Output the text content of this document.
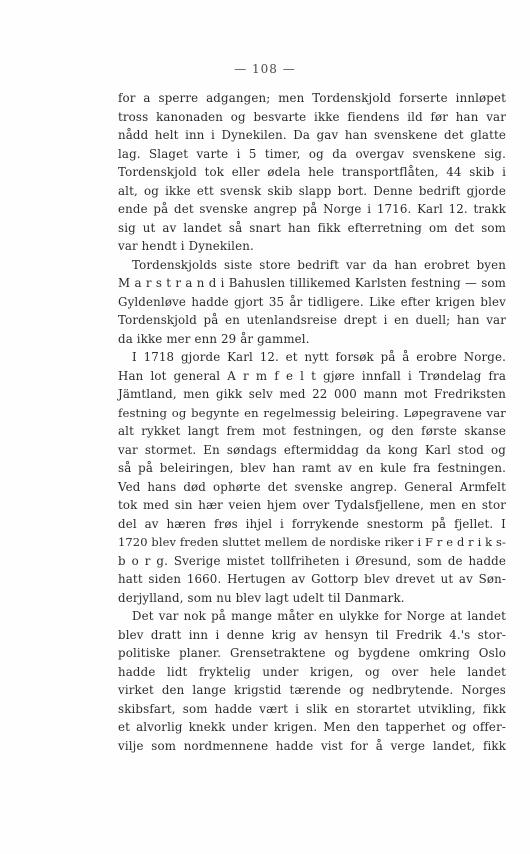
— 108 —
for a sperre adgangen; men Tordenskjold forserte innløpet
tross kanonaden og besvarte ikke fiendens ild før han var
nådd helt inn i Dynekilen. Da gav han svenskene det glatte
lag. Slaget varte i 5 timer, og da overgav svenskene sig.
Tordenskjold tok eller ødela hele transportflåten, 44 skib i
alt, og ikke ett svensk skib slapp bort. Denne bedrift gjorde
ende på det svenske angrep på Norge i 1716. Karl 12. trakk
sig ut av landet så snart han fikk efterretning om det som
var hendt i Dynekilen.
Tordenskjolds siste store bedrift var da han erobret byen
M a r s t r a n d i Bahuslen tillikemed Karlsten festning — som
Gyldenløve hadde gjort 35 år tidligere. Like efter krigen blev
Tordenskjold på en utenlandsreise drept i en duell; han var
da ikke mer enn 29 år gammel.
I 1718 gjorde Karl 12. et nytt forsøk på å erobre Norge.
Han lot general A r m f e l t gjøre innfall i Trøndelag fra
Jämtland, men gikk selv med 22 000 mann mot Fredriksten
festning og begynte en regelmessig beleiring. Løpegravene var
alt rykket langt frem mot festningen, og den første skanse
var stormet. En søndags eftermiddag da kong Karl stod og
så på beleiringen, blev han ramt av en kule fra festningen.
Ved hans død ophørte det svenske angrep. General Armfelt
tok med sin hær veien hjem over Tydalsfjellene, men en stor
del av hæren frøs ihjel i forrykende snestorm på fjellet. I
1720 blev freden sluttet mellem de nordiske riker i F r e d r i k s-
b o r g. Sverige mistet tollfriheten i Øresund, som de hadde
hatt siden 1660. Hertugen av Gottorp blev drevet ut av Søn-
derjylland, som nu blev lagt udelt til Danmark.
Det var nok på mange måter en ulykke for Norge at landet
blev dratt inn i denne krig av hensyn til Fredrik 4.'s stor-
politiske planer. Grensetraktene og bygdene omkring Oslo
hadde lidt fryktelig under krigen, og over hele landet
virket den lange krigstid tærende og nedbrytende. Norges
skibsfart, som hadde vært i slik en storartet utvikling, fikk
et alvorlig knekk under krigen. Men den tapperhet og offer-
vilje som nordmennene hadde vist for å verge landet, fikk
